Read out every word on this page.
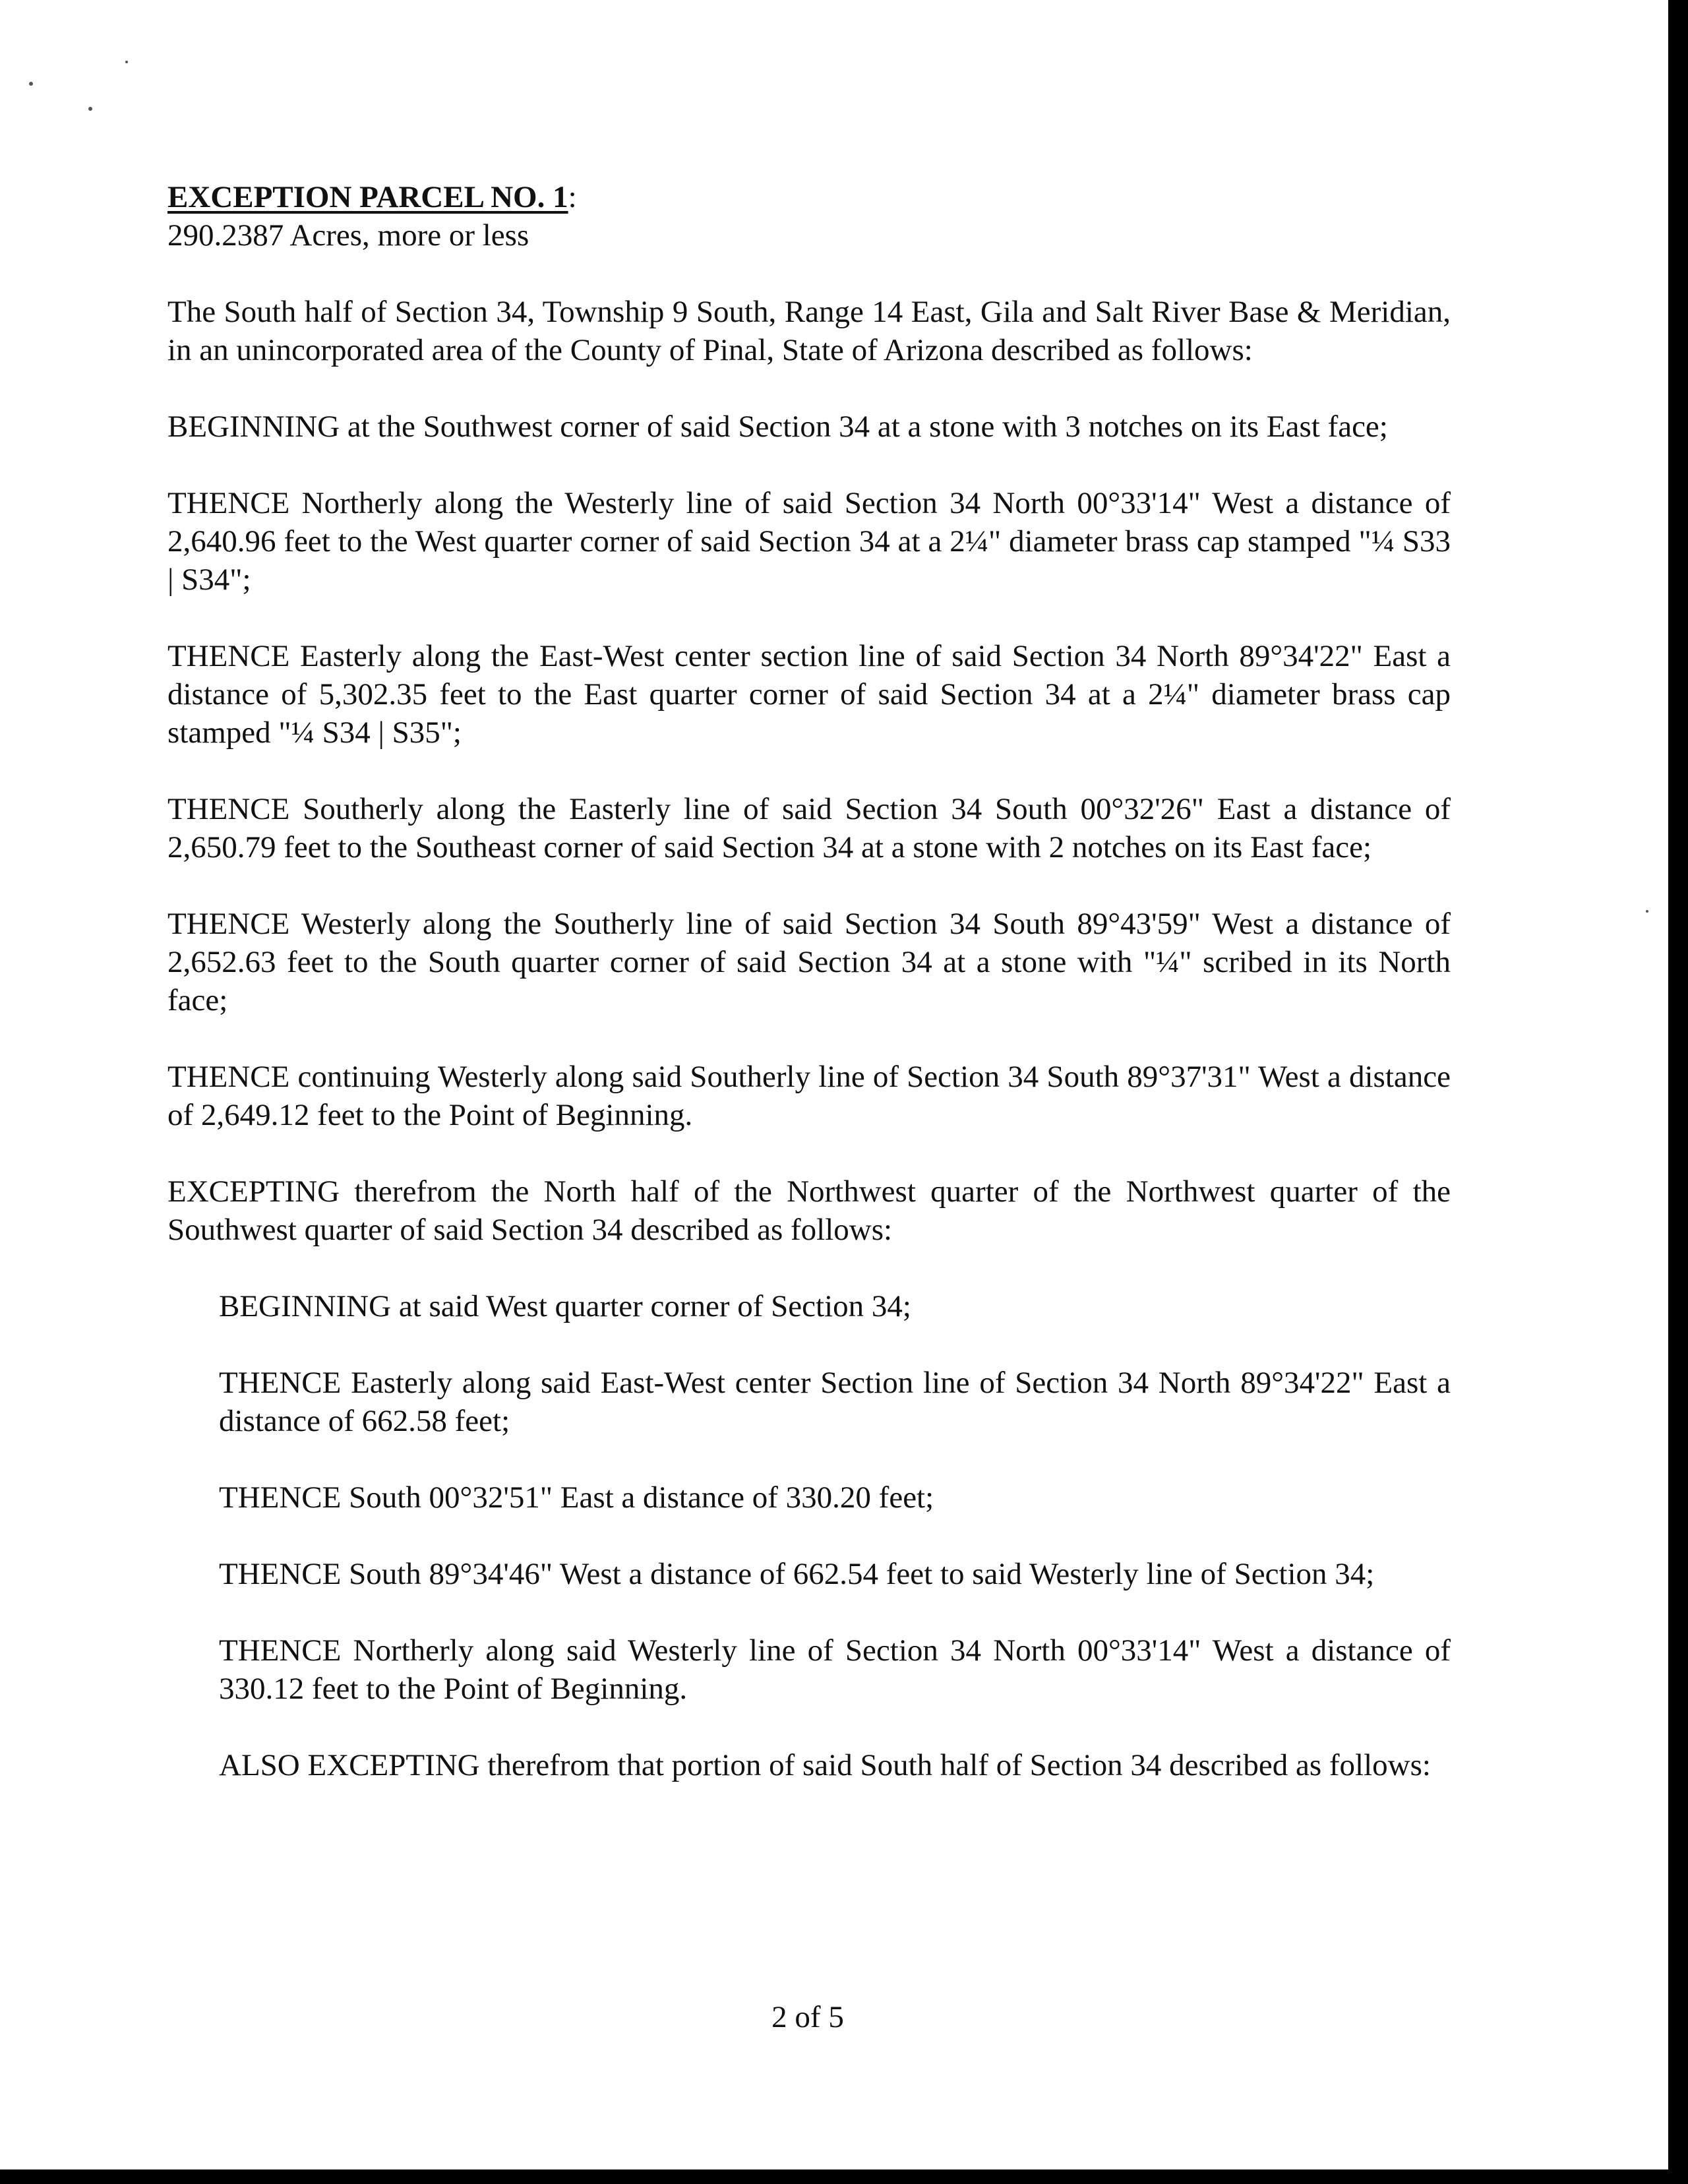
EXCEPTION PARCEL NO. 1:
290.2387 Acres, more or less

The South half of Section 34, Township 9 South, Range 14 East, Gila and Salt River Base & Meridian, in an unincorporated area of the County of Pinal, State of Arizona described as follows:

BEGINNING at the Southwest corner of said Section 34 at a stone with 3 notches on its East face;

THENCE Northerly along the Westerly line of said Section 34 North 00°33'14" West a distance of 2,640.96 feet to the West quarter corner of said Section 34 at a 2¼" diameter brass cap stamped "¼ S33 | S34";

THENCE Easterly along the East-West center section line of said Section 34 North 89°34'22" East a distance of 5,302.35 feet to the East quarter corner of said Section 34 at a 2¼" diameter brass cap stamped "¼ S34 | S35";

THENCE Southerly along the Easterly line of said Section 34 South 00°32'26" East a distance of 2,650.79 feet to the Southeast corner of said Section 34 at a stone with 2 notches on its East face;

THENCE Westerly along the Southerly line of said Section 34 South 89°43'59" West a distance of 2,652.63 feet to the South quarter corner of said Section 34 at a stone with "¼" scribed in its North face;

THENCE continuing Westerly along said Southerly line of Section 34 South 89°37'31" West a distance of 2,649.12 feet to the Point of Beginning.

EXCEPTING therefrom the North half of the Northwest quarter of the Northwest quarter of the Southwest quarter of said Section 34 described as follows:

BEGINNING at said West quarter corner of Section 34;

THENCE Easterly along said East-West center Section line of Section 34 North 89°34'22" East a distance of 662.58 feet;

THENCE South 00°32'51" East a distance of 330.20 feet;

THENCE South 89°34'46" West a distance of 662.54 feet to said Westerly line of Section 34;

THENCE Northerly along said Westerly line of Section 34 North 00°33'14" West a distance of 330.12 feet to the Point of Beginning.

ALSO EXCEPTING therefrom that portion of said South half of Section 34 described as follows:

2 of 5
